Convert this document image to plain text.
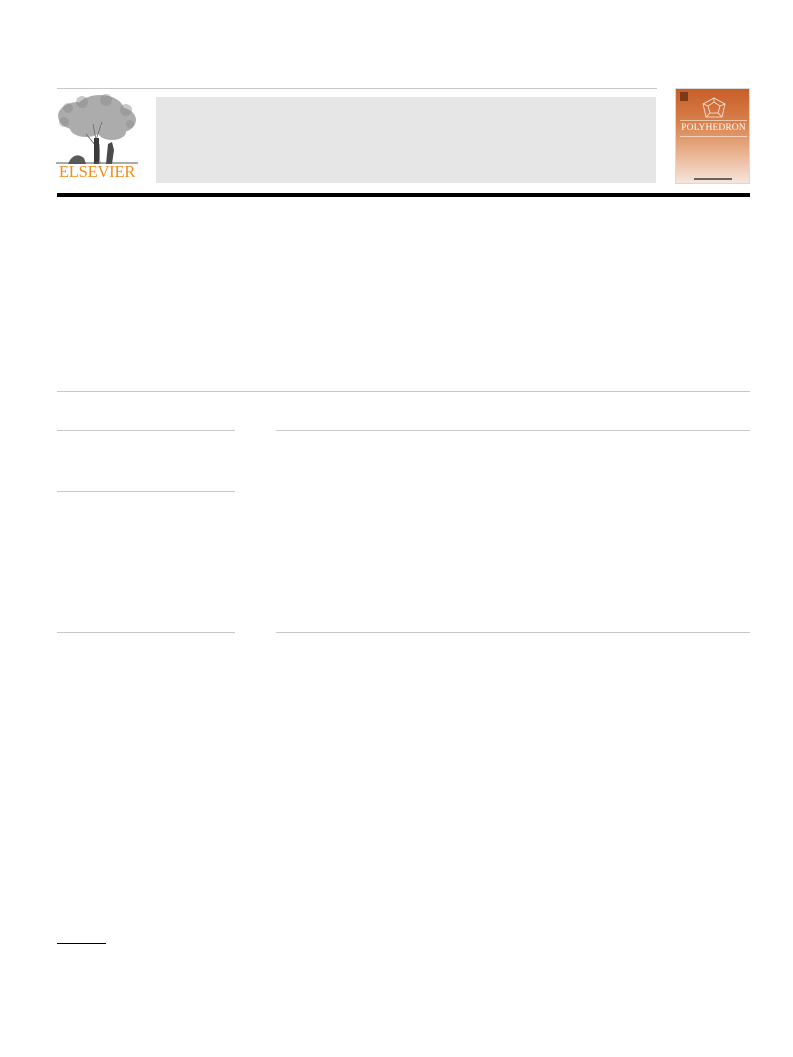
ELSEVIER
POLYHEDRON
